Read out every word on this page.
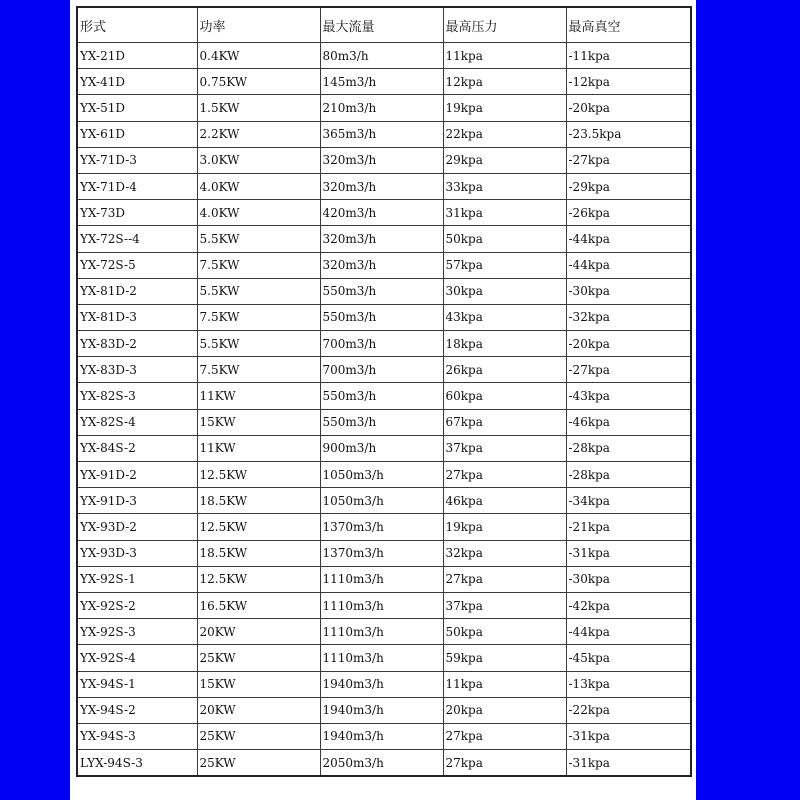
形式	功率	最大流量	最高压力	最高真空
YX-21D	0.4KW	80m3/h	11kpa	-11kpa
YX-41D	0.75KW	145m3/h	12kpa	-12kpa
YX-51D	1.5KW	210m3/h	19kpa	-20kpa
YX-61D	2.2KW	365m3/h	22kpa	-23.5kpa
YX-71D-3	3.0KW	320m3/h	29kpa	-27kpa
YX-71D-4	4.0KW	320m3/h	33kpa	-29kpa
YX-73D	4.0KW	420m3/h	31kpa	-26kpa
YX-72S--4	5.5KW	320m3/h	50kpa	-44kpa
YX-72S-5	7.5KW	320m3/h	57kpa	-44kpa
YX-81D-2	5.5KW	550m3/h	30kpa	-30kpa
YX-81D-3	7.5KW	550m3/h	43kpa	-32kpa
YX-83D-2	5.5KW	700m3/h	18kpa	-20kpa
YX-83D-3	7.5KW	700m3/h	26kpa	-27kpa
YX-82S-3	11KW	550m3/h	60kpa	-43kpa
YX-82S-4	15KW	550m3/h	67kpa	-46kpa
YX-84S-2	11KW	900m3/h	37kpa	-28kpa
YX-91D-2	12.5KW	1050m3/h	27kpa	-28kpa
YX-91D-3	18.5KW	1050m3/h	46kpa	-34kpa
YX-93D-2	12.5KW	1370m3/h	19kpa	-21kpa
YX-93D-3	18.5KW	1370m3/h	32kpa	-31kpa
YX-92S-1	12.5KW	1110m3/h	27kpa	-30kpa
YX-92S-2	16.5KW	1110m3/h	37kpa	-42kpa
YX-92S-3	20KW	1110m3/h	50kpa	-44kpa
YX-92S-4	25KW	1110m3/h	59kpa	-45kpa
YX-94S-1	15KW	1940m3/h	11kpa	-13kpa
YX-94S-2	20KW	1940m3/h	20kpa	-22kpa
YX-94S-3	25KW	1940m3/h	27kpa	-31kpa
LYX-94S-3	25KW	2050m3/h	27kpa	-31kpa
